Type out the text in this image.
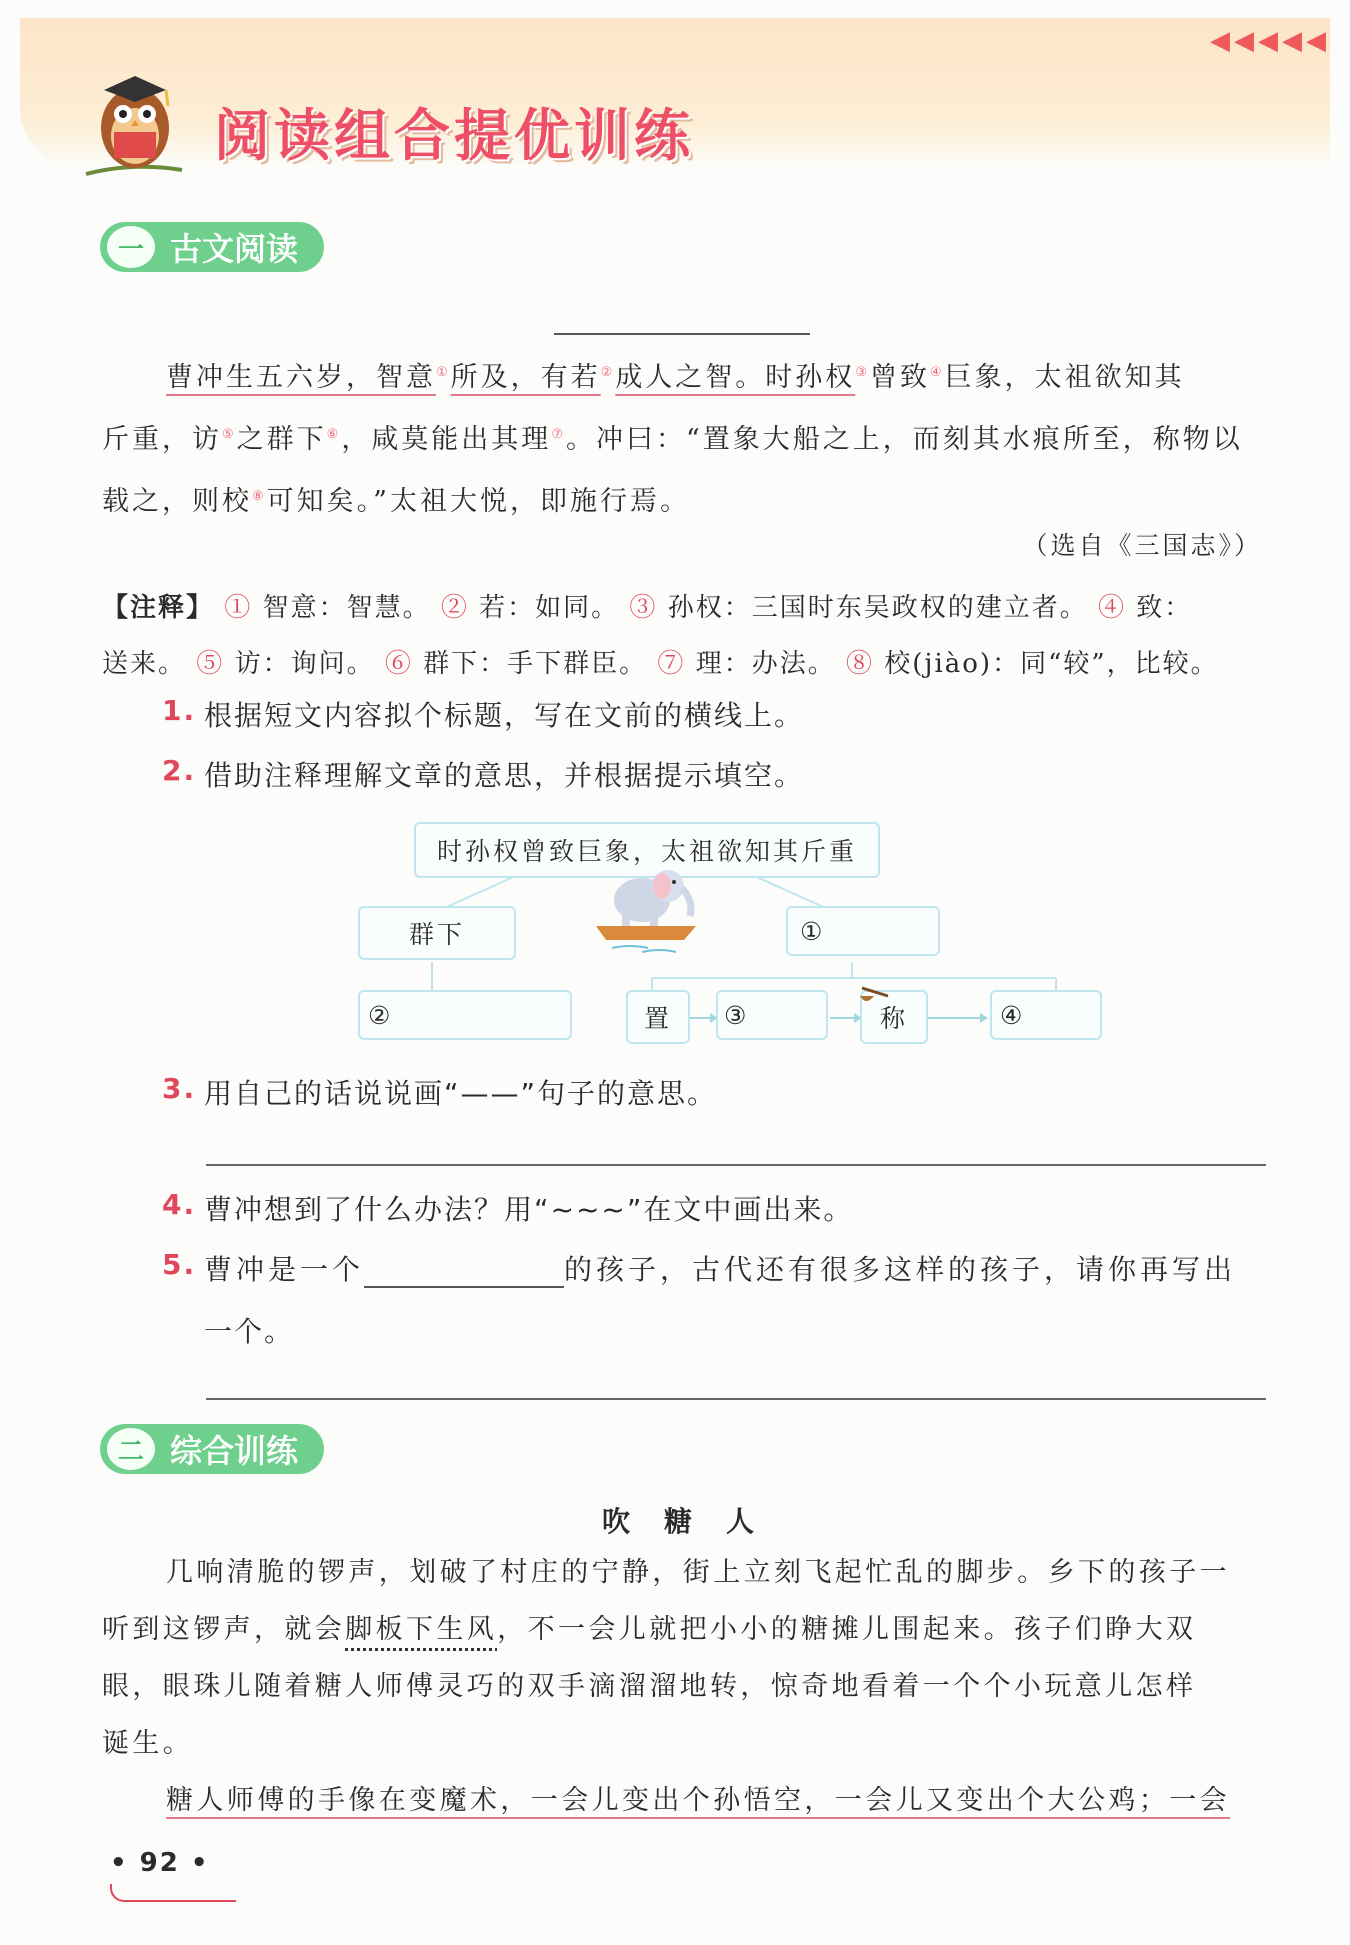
◀◀◀◀◀
阅读组合提优训练
一 古文阅读
曹冲生五六岁，智意①所及，有若②成人之智。时孙权③曾致④巨象，太祖欲知其
斤重，访⑤之群下⑥，咸莫能出其理⑦。冲曰：“置象大船之上，而刻其水痕所至，称物以
载之，则校⑧可知矣。”太祖大悦，即施行焉。
（选自《三国志》）
【注释】 ① 智意：智慧。 ② 若：如同。 ③ 孙权：三国时东吴政权的建立者。 ④ 致：
送来。 ⑤ 访：询问。 ⑥ 群下：手下群臣。 ⑦ 理：办法。 ⑧ 校(jiào)：同“较”，比较。
1. 根据短文内容拟个标题，写在文前的横线上。
2. 借助注释理解文章的意思，并根据提示填空。
时孙权曾致巨象，太祖欲知其斤重
群下	①
②	置 ③	称	④
3. 用自己的话说说画“——”句子的意思。
4. 曹冲想到了什么办法？用“~~~”在文中画出来。
5. 曹冲是一个	的孩子，古代还有很多这样的孩子，请你再写出
一个。
二 综合训练
吹糖人
几响清脆的锣声，划破了村庄的宁静，街上立刻飞起忙乱的脚步。乡下的孩子一
听到这锣声，就会脚板下生风，不一会儿就把小小的糖摊儿围起来。孩子们睁大双
眼，眼珠儿随着糖人师傅灵巧的双手滴溜溜地转，惊奇地看着一个个小玩意儿怎样
诞生。
糖人师傅的手像在变魔术，一会儿变出个孙悟空，一会儿又变出个大公鸡；一会
• 92 •
